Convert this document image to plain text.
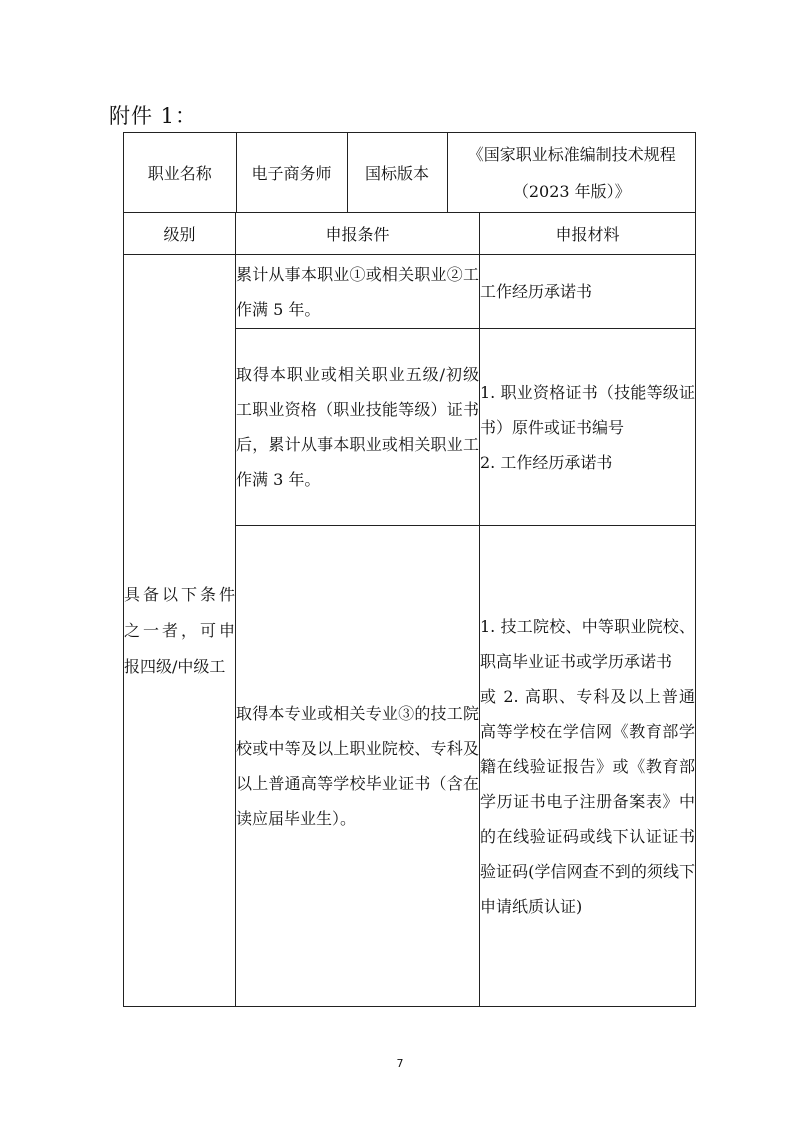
附件 1：
职业名称	电子商务师	国标版本	《国家职业标准编制技术规程（2023 年版）》

级别	申报条件	申报材料
具备以下条件之一者，可申报四级/中级工	累计从事本职业①或相关职业②工作满 5 年。	工作经历承诺书
取得本职业或相关职业五级/初级工职业资格（职业技能等级）证书后，累计从事本职业或相关职业工作满 3 年。	1. 职业资格证书（技能等级证书）原件或证书编号
2. 工作经历承诺书
取得本专业或相关专业③的技工院校或中等及以上职业院校、专科及以上普通高等学校毕业证书（含在读应届毕业生）。	1. 技工院校、中等职业院校、职高毕业证书或学历承诺书
或 2. 高职、专科及以上普通高等学校在学信网《教育部学籍在线验证报告》或《教育部学历证书电子注册备案表》中的在线验证码或线下认证证书验证码(学信网查不到的须线下申请纸质认证)
7
